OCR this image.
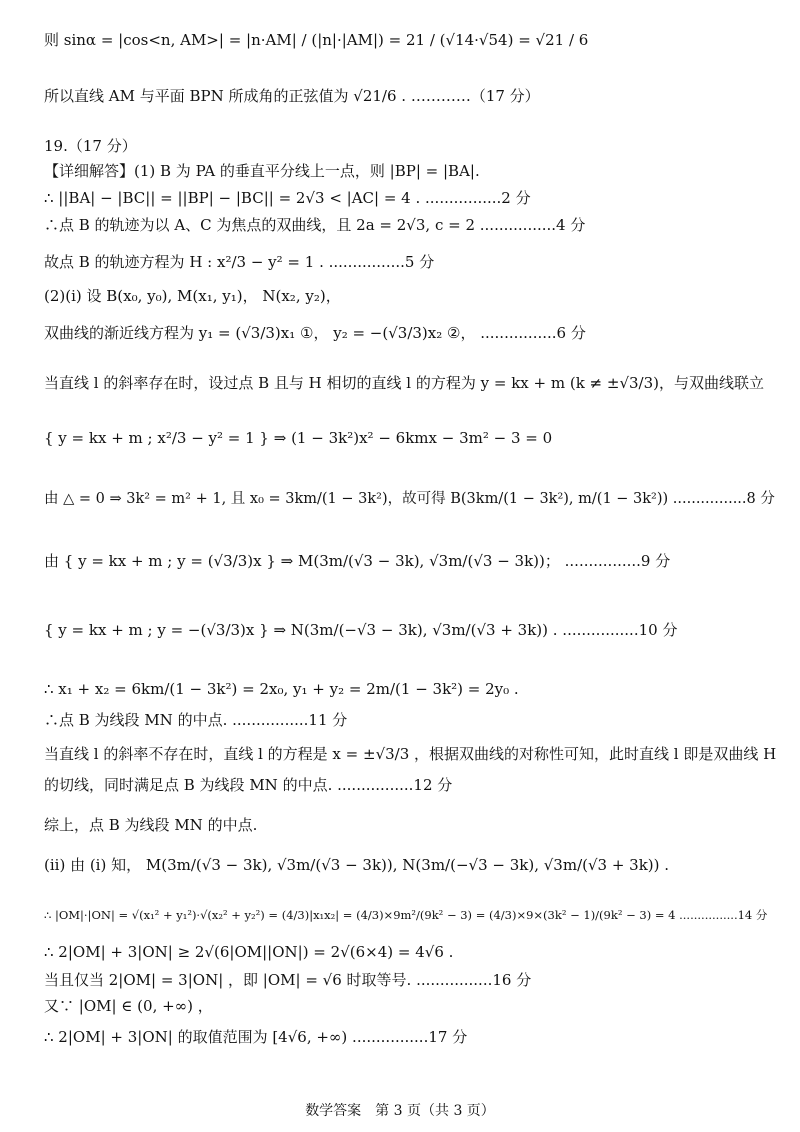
则 sinα = |cos<n, AM>| = |n·AM| / (|n|·|AM|) = 21 / (√14·√54) = √21 / 6
所以直线 AM 与平面 BPN 所成角的正弦值为 √21/6 . …………（17 分）
19.（17 分）
【详细解答】(1) B 为 PA 的垂直平分线上一点，则 |BP| = |BA|.
∴ ||BA| − |BC|| = ||BP| − |BC|| = 2√3 < |AC| = 4 . ................2 分
∴点 B 的轨迹为以 A、C 为焦点的双曲线，且 2a = 2√3, c = 2 ................4 分
故点 B 的轨迹方程为 H : x²/3 − y² = 1 . ................5 分
(2)(i) 设 B(x₀, y₀), M(x₁, y₁)， N(x₂, y₂)，
双曲线的渐近线方程为 y₁ = (√3/3)x₁ ①， y₂ = −(√3/3)x₂ ②， ................6 分
当直线 l 的斜率存在时，设过点 B 且与 H 相切的直线 l 的方程为 y = kx + m (k ≠ ±√3/3)，与双曲线联立
{ y = kx + m ; x²/3 − y² = 1 } ⇒ (1 − 3k²)x² − 6kmx − 3m² − 3 = 0
由 △ = 0 ⇒ 3k² = m² + 1, 且 x₀ = 3km/(1 − 3k²)，故可得 B(3km/(1 − 3k²), m/(1 − 3k²)) ................8 分
由 { y = kx + m ; y = (√3/3)x } ⇒ M(3m/(√3 − 3k), √3m/(√3 − 3k))； ................9 分
{ y = kx + m ; y = −(√3/3)x } ⇒ N(3m/(−√3 − 3k), √3m/(√3 + 3k)) . ................10 分
∴ x₁ + x₂ = 6km/(1 − 3k²) = 2x₀, y₁ + y₂ = 2m/(1 − 3k²) = 2y₀ .
∴点 B 为线段 MN 的中点. ................11 分
当直线 l 的斜率不存在时，直线 l 的方程是 x = ±√3/3 ，根据双曲线的对称性可知，此时直线 l 即是双曲线 H
的切线，同时满足点 B 为线段 MN 的中点. ................12 分
综上，点 B 为线段 MN 的中点.
(ii) 由 (i) 知， M(3m/(√3 − 3k), √3m/(√3 − 3k)), N(3m/(−√3 − 3k), √3m/(√3 + 3k)) .
∴ |OM|·|ON| = √(x₁² + y₁²)·√(x₂² + y₂²) = (4/3)|x₁x₂| = (4/3)×9m²/(9k² − 3) = (4/3)×9×(3k² − 1)/(9k² − 3) = 4 ................14 分
∴ 2|OM| + 3|ON| ≥ 2√(6|OM||ON|) = 2√(6×4) = 4√6 .
当且仅当 2|OM| = 3|ON| ，即 |OM| = √6 时取等号. ................16 分
又∵ |OM| ∈ (0, +∞) ，
∴ 2|OM| + 3|ON| 的取值范围为 [4√6, +∞) ................17 分
数学答案　第 3 页（共 3 页）
